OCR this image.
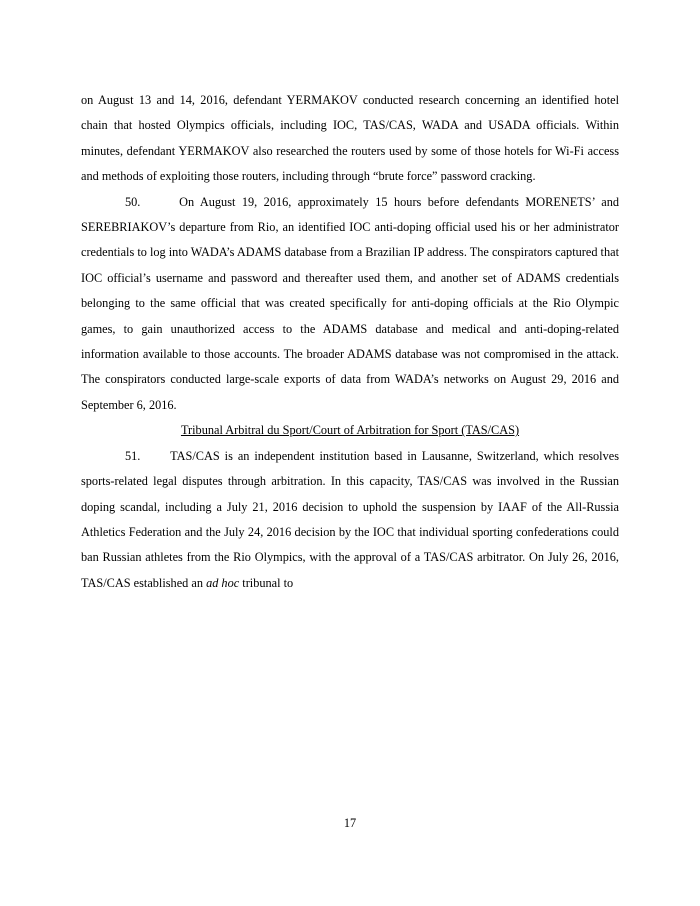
on August 13 and 14, 2016, defendant YERMAKOV conducted research concerning an identified hotel chain that hosted Olympics officials, including IOC, TAS/CAS, WADA and USADA officials. Within minutes, defendant YERMAKOV also researched the routers used by some of those hotels for Wi-Fi access and methods of exploiting those routers, including through “brute force” password cracking.

50.	On August 19, 2016, approximately 15 hours before defendants MORENETS’ and SEREBRIAKOV’s departure from Rio, an identified IOC anti-doping official used his or her administrator credentials to log into WADA’s ADAMS database from a Brazilian IP address. The conspirators captured that IOC official’s username and password and thereafter used them, and another set of ADAMS credentials belonging to the same official that was created specifically for anti-doping officials at the Rio Olympic games, to gain unauthorized access to the ADAMS database and medical and anti-doping-related information available to those accounts. The broader ADAMS database was not compromised in the attack. The conspirators conducted large-scale exports of data from WADA’s networks on August 29, 2016 and September 6, 2016.

Tribunal Arbitral du Sport/Court of Arbitration for Sport (TAS/CAS)

51. TAS/CAS is an independent institution based in Lausanne, Switzerland, which resolves sports-related legal disputes through arbitration. In this capacity, TAS/CAS was involved in the Russian doping scandal, including a July 21, 2016 decision to uphold the suspension by IAAF of the All-Russia Athletics Federation and the July 24, 2016 decision by the IOC that individual sporting confederations could ban Russian athletes from the Rio Olympics, with the approval of a TAS/CAS arbitrator. On July 26, 2016, TAS/CAS established an ad hoc tribunal to

17
